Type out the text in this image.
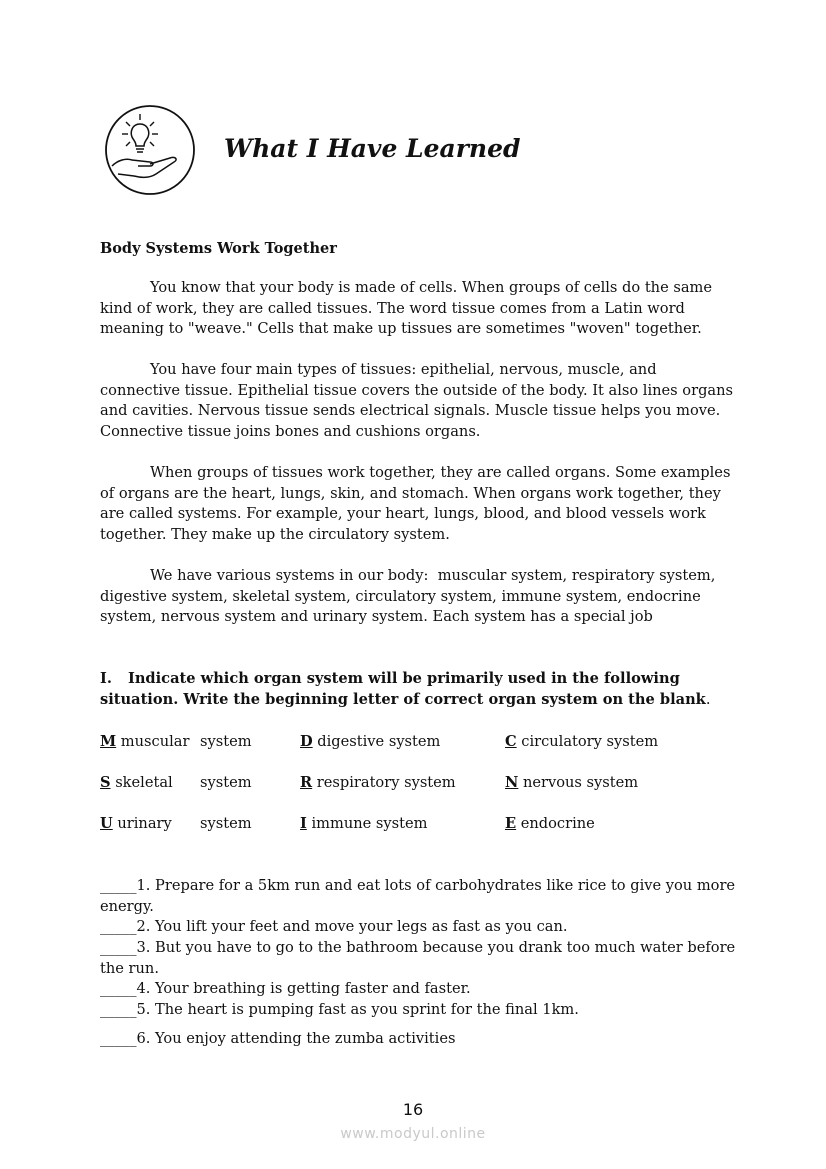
What I Have Learned
Body Systems Work Together
You know that your body is made of cells. When groups of cells do the same kind of work, they are called tissues. The word tissue comes from a Latin word meaning to "weave." Cells that make up tissues are sometimes "woven" together.
You have four main types of tissues: epithelial, nervous, muscle, and connective tissue. Epithelial tissue covers the outside of the body. It also lines organs and cavities. Nervous tissue sends electrical signals. Muscle tissue helps you move. Connective tissue joins bones and cushions organs.
When groups of tissues work together, they are called organs. Some examples of organs are the heart, lungs, skin, and stomach. When organs work together, they are called systems. For example, your heart, lungs, blood, and blood vessels work together. They make up the circulatory system.
We have various systems in our body:  muscular system, respiratory system, digestive system, skeletal system, circulatory system, immune system, endocrine system, nervous system and urinary system. Each system has a special job
I. Indicate which organ system will be primarily used in the following situation. Write the beginning letter of correct organ system on the blank.
M muscular system	D digestive system	C circulatory system
S skeletal system	R respiratory system	N nervous system
U urinary system	I immune system	E endocrine
_____1. Prepare for a 5km run and eat lots of carbohydrates like rice to give you more energy.
_____2. You lift your feet and move your legs as fast as you can.
_____3. But you have to go to the bathroom because you drank too much water before the run.
_____4. Your breathing is getting faster and faster.
_____5. The heart is pumping fast as you sprint for the final 1km.
_____6. You enjoy attending the zumba activities
16
www.modyul.online
